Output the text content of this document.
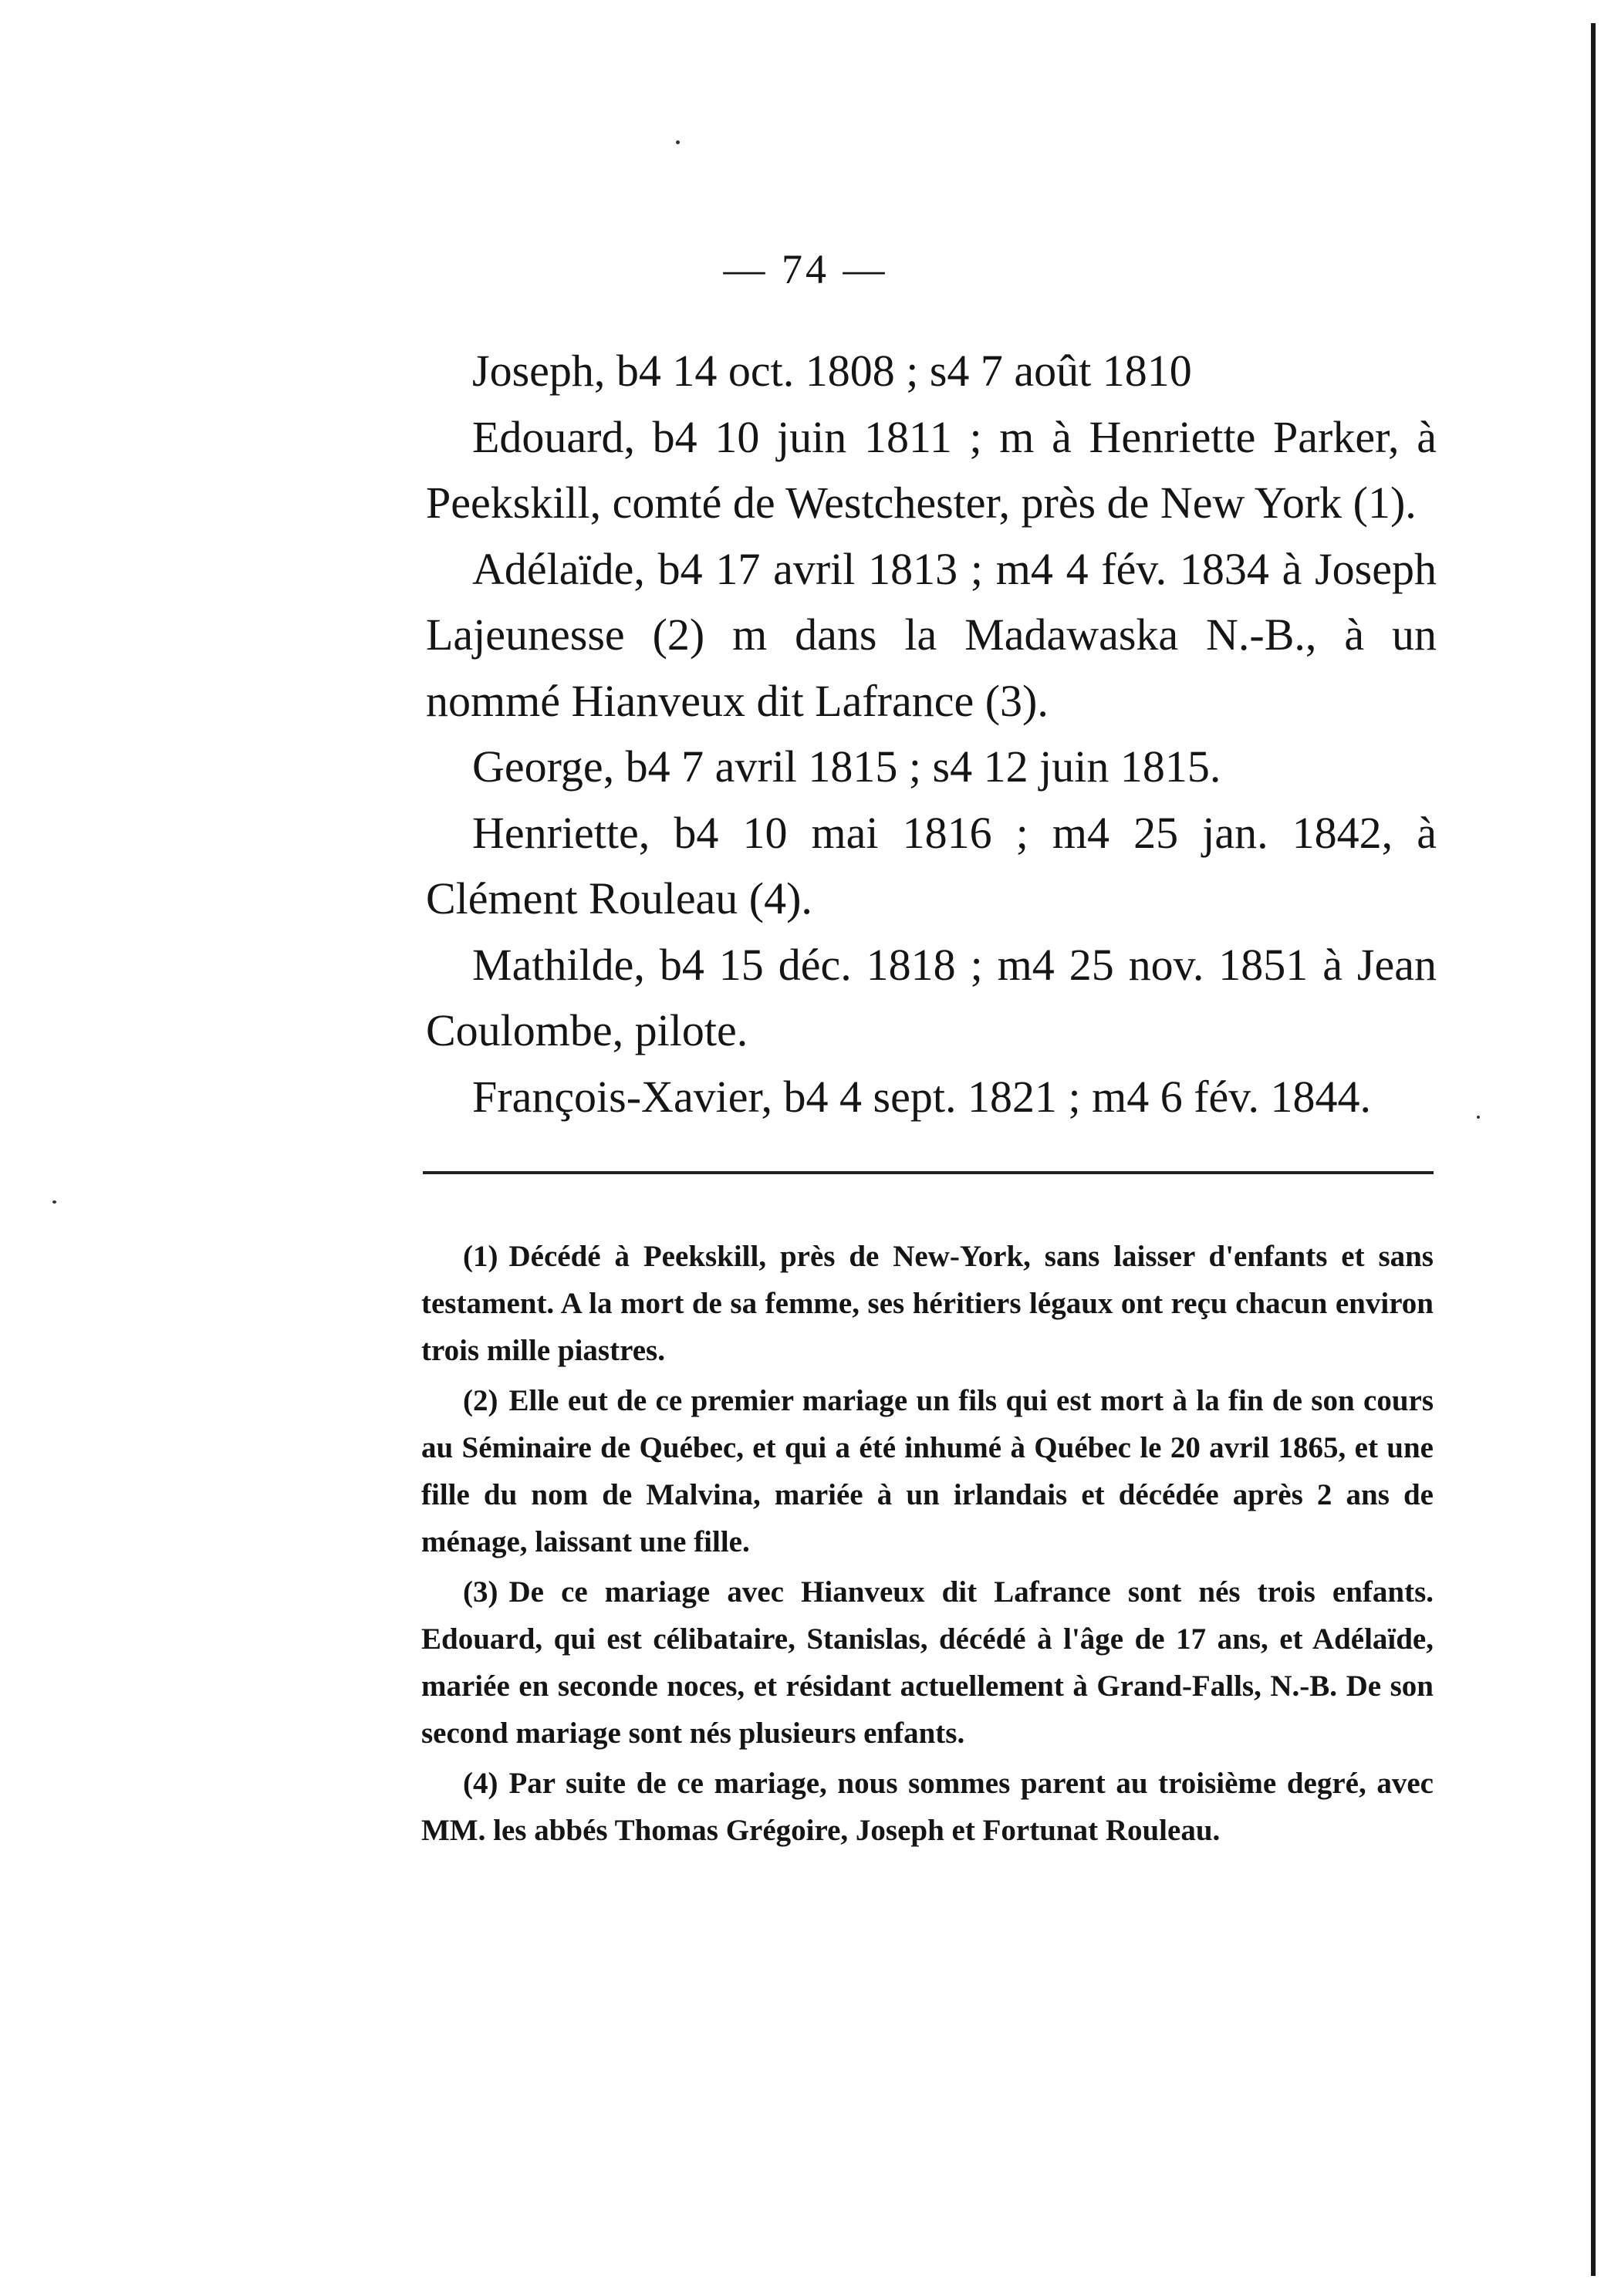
— 74 —

Joseph, b4 14 oct. 1808 ; s4 7 août 1810

Edouard, b4 10 juin 1811 ; m à Henriette Parker, à Peekskill, comté de Westchester, près de New York (1).

Adélaïde, b4 17 avril 1813 ; m4 4 fév. 1834 à Joseph Lajeunesse (2) m dans la Madawaska N.-B., à un nommé Hianveux dit Lafrance (3).

George, b4 7 avril 1815 ; s4 12 juin 1815.

Henriette, b4 10 mai 1816 ; m4 25 jan. 1842, à Clément Rouleau (4).

Mathilde, b4 15 déc. 1818 ; m4 25 nov. 1851 à Jean Coulombe, pilote.

François-Xavier, b4 4 sept. 1821 ; m4 6 fév. 1844.

(1) Décédé à Peekskill, près de New-York, sans laisser d'enfants et sans testament. A la mort de sa femme, ses héritiers légaux ont reçu chacun environ trois mille piastres.

(2) Elle eut de ce premier mariage un fils qui est mort à la fin de son cours au Séminaire de Québec, et qui a été inhumé à Québec le 20 avril 1865, et une fille du nom de Malvina, mariée à un irlandais et décédée après 2 ans de ménage, laissant une fille.

(3) De ce mariage avec Hianveux dit Lafrance sont nés trois enfants. Edouard, qui est célibataire, Stanislas, décédé à l'âge de 17 ans, et Adélaïde, mariée en seconde noces, et résidant actuellement à Grand-Falls, N.-B. De son second mariage sont nés plusieurs enfants.

(4) Par suite de ce mariage, nous sommes parent au troisième degré, avec MM. les abbés Thomas Grégoire, Joseph et Fortunat Rouleau.
